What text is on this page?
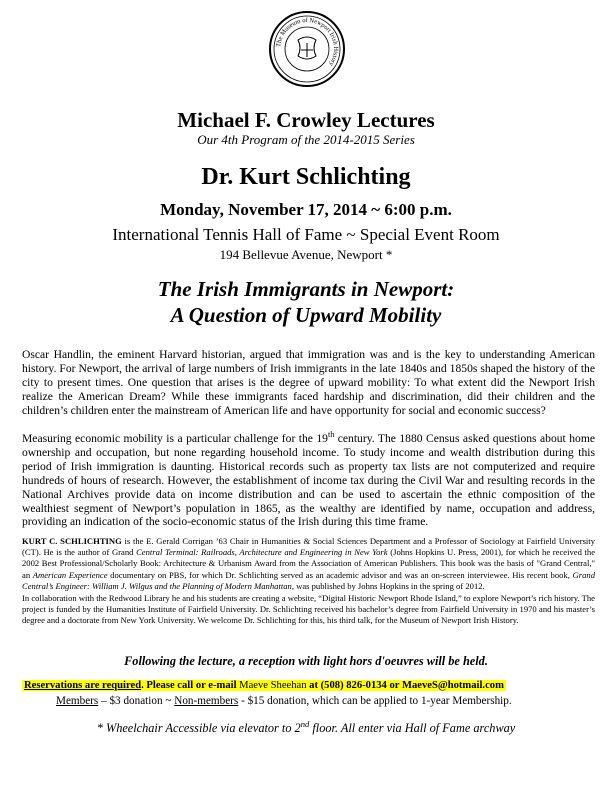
The Museum of Newport Irish History
Michael F. Crowley Lectures
Our 4th Program of the 2014-2015 Series
Dr. Kurt Schlichting
Monday, November 17, 2014 ~ 6:00 p.m.
International Tennis Hall of Fame ~ Special Event Room
194 Bellevue Avenue, Newport *
The Irish Immigrants in Newport:
A Question of Upward Mobility
Oscar Handlin, the eminent Harvard historian, argued that immigration was and is the key to understanding American history. For Newport, the arrival of large numbers of Irish immigrants in the late 1840s and 1850s shaped the history of the city to present times. One question that arises is the degree of upward mobility: To what extent did the Newport Irish realize the American Dream? While these immigrants faced hardship and discrimination, did their children and the children’s children enter the mainstream of American life and have opportunity for social and economic success?
Measuring economic mobility is a particular challenge for the 19th century. The 1880 Census asked questions about home ownership and occupation, but none regarding household income. To study income and wealth distribution during this period of Irish immigration is daunting. Historical records such as property tax lists are not computerized and require hundreds of hours of research. However, the establishment of income tax during the Civil War and resulting records in the National Archives provide data on income distribution and can be used to ascertain the ethnic composition of the wealthiest segment of Newport’s population in 1865, as the wealthy are identified by name, occupation and address, providing an indication of the socio-economic status of the Irish during this time frame.
KURT C. SCHLICHTING is the E. Gerald Corrigan ’63 Chair in Humanities & Social Sciences Department and a Professor of Sociology at Fairfield University (CT). He is the author of Grand Central Terminal: Railroads, Architecture and Engineering in New York (Johns Hopkins U. Press, 2001), for which he received the 2002 Best Professional/Scholarly Book: Architecture & Urbanism Award from the Association of American Publishers. This book was the basis of "Grand Central," an American Experience documentary on PBS, for which Dr. Schlichting served as an academic advisor and was an on-screen interviewee. His recent book, Grand Central’s Engineer: William J. Wilgus and the Planning of Modern Manhattan, was published by Johns Hopkins in the spring of 2012.
In collaboration with the Redwood Library he and his students are creating a website, “Digital Historic Newport Rhode Island,” to explore Newport’s rich history. The project is funded by the Humanities Institute of Fairfield University. Dr. Schlichting received his bachelor’s degree from Fairfield University in 1970 and his master’s degree and a doctorate from New York University. We welcome Dr. Schlichting for this, his third talk, for the Museum of Newport Irish History.
Following the lecture, a reception with light hors d'oeuvres will be held.
Reservations are required. Please call or e-mail Maeve Sheehan at (508) 826-0134 or MaeveS@hotmail.com
Members – $3 donation ~ Non-members - $15 donation, which can be applied to 1-year Membership.
* Wheelchair Accessible via elevator to 2nd floor. All enter via Hall of Fame archway
